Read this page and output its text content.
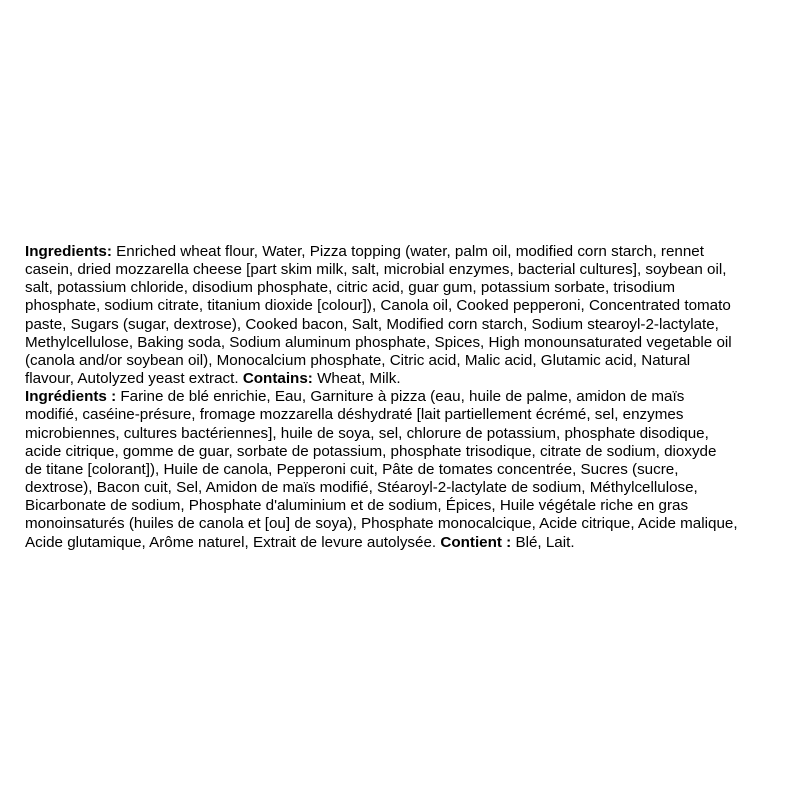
Ingredients: Enriched wheat flour, Water, Pizza topping (water, palm oil, modified corn starch, rennet
casein, dried mozzarella cheese [part skim milk, salt, microbial enzymes, bacterial cultures], soybean oil,
salt, potassium chloride, disodium phosphate, citric acid, guar gum, potassium sorbate, trisodium
phosphate, sodium citrate, titanium dioxide [colour]), Canola oil, Cooked pepperoni, Concentrated tomato
paste, Sugars (sugar, dextrose), Cooked bacon, Salt, Modified corn starch, Sodium stearoyl-2-lactylate,
Methylcellulose, Baking soda, Sodium aluminum phosphate, Spices, High monounsaturated vegetable oil
(canola and/or soybean oil), Monocalcium phosphate, Citric acid, Malic acid, Glutamic acid, Natural
flavour, Autolyzed yeast extract. Contains: Wheat, Milk.
Ingrédients : Farine de blé enrichie, Eau, Garniture à pizza (eau, huile de palme, amidon de maïs
modifié, caséine-présure, fromage mozzarella déshydraté [lait partiellement écrémé, sel, enzymes
microbiennes, cultures bactériennes], huile de soya, sel, chlorure de potassium, phosphate disodique,
acide citrique, gomme de guar, sorbate de potassium, phosphate trisodique, citrate de sodium, dioxyde
de titane [colorant]), Huile de canola, Pepperoni cuit, Pâte de tomates concentrée, Sucres (sucre,
dextrose), Bacon cuit, Sel, Amidon de maïs modifié, Stéaroyl-2-lactylate de sodium, Méthylcellulose,
Bicarbonate de sodium, Phosphate d'aluminium et de sodium, Épices, Huile végétale riche en gras
monoinsaturés (huiles de canola et [ou] de soya), Phosphate monocalcique, Acide citrique, Acide malique,
Acide glutamique, Arôme naturel, Extrait de levure autolysée. Contient : Blé, Lait.
